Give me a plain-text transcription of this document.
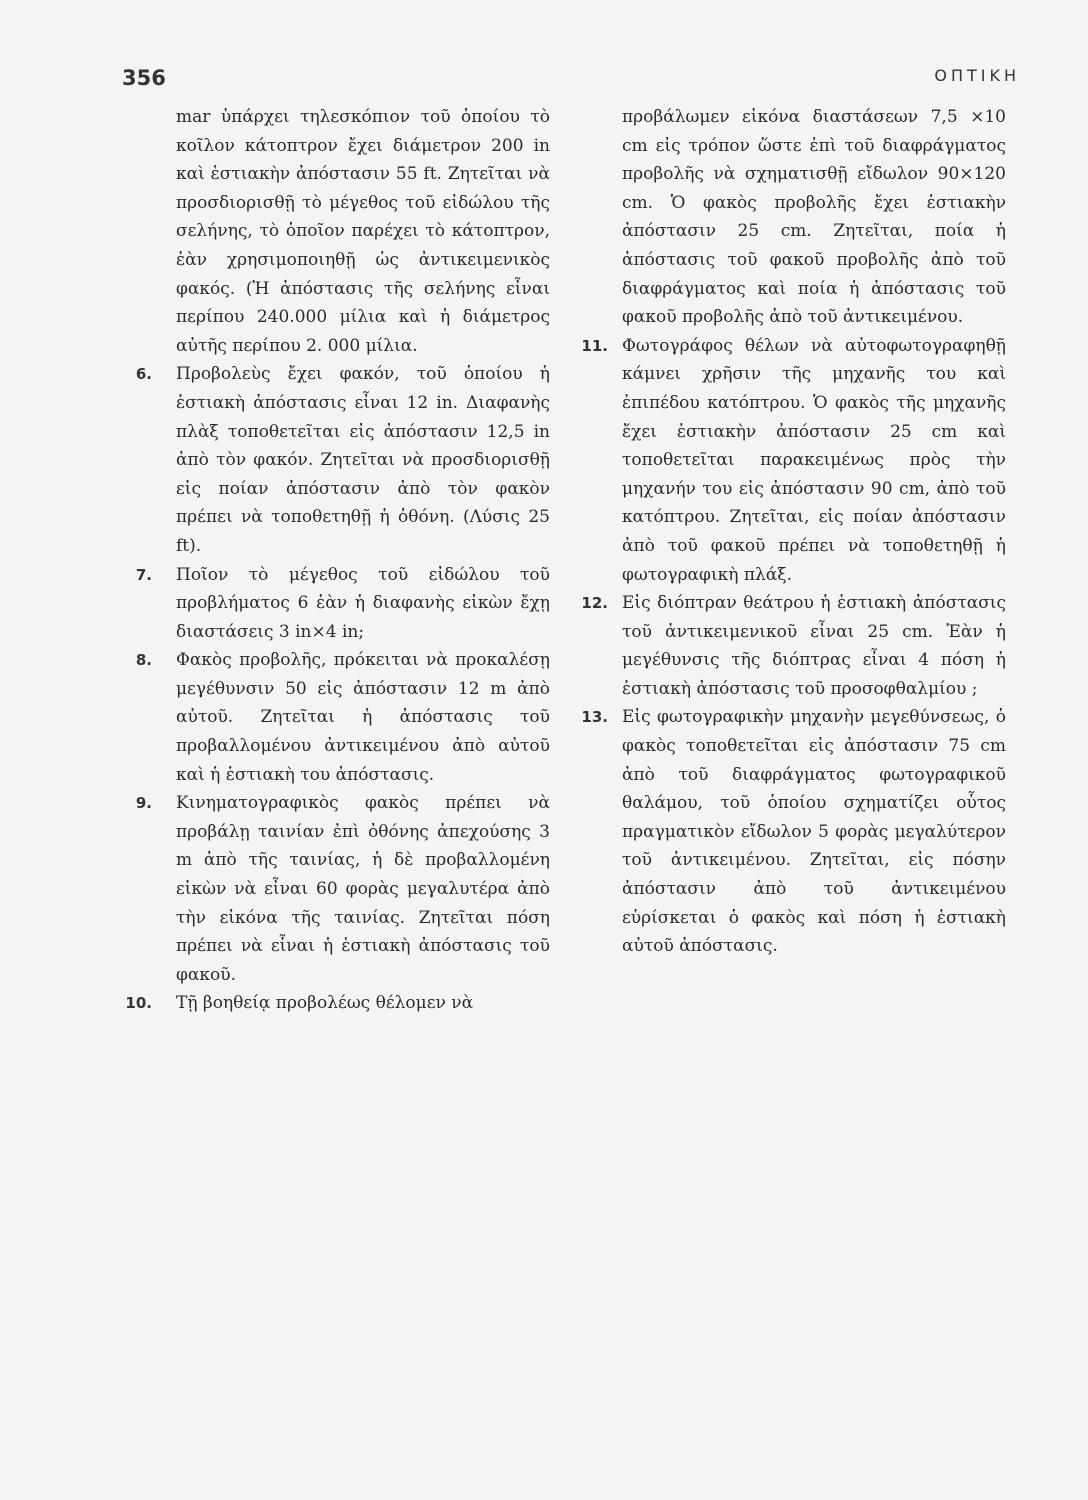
356	ΟΠΤΙΚΗ

mar ὑπάρχει τηλεσκόπιον τοῦ ὁποίου τὸ κοῖλον κάτοπτρον ἔχει διάμετρον 200 in καὶ ἑστιακὴν ἀπόστασιν 55 ft. Ζητεῖται νὰ προσδιορισθῇ τὸ μέγεθος τοῦ εἰδώλου τῆς σελήνης, τὸ ὁποῖον παρέχει τὸ κάτοπτρον, ἐὰν χρησιμοποιηθῇ ὡς ἀντικειμενικὸς φακός. (Ἡ ἀπόστασις τῆς σελήνης εἶναι περίπου 240.000 μίλια καὶ ἡ διάμετρος αὐτῆς περίπου 2. 000 μίλια.

6. Προβολεὺς ἔχει φακόν, τοῦ ὁποίου ἡ ἑστιακὴ ἀπόστασις εἶναι 12 in. Διαφανὴς πλὰξ τοποθετεῖται εἰς ἀπόστασιν 12,5 in ἀπὸ τὸν φακόν. Ζητεῖται νὰ προσδιορισθῇ εἰς ποίαν ἀπόστασιν ἀπὸ τὸν φακὸν πρέπει νὰ τοποθετηθῇ ἡ ὀθόνη. (Λύσις 25 ft).
7. Ποῖον τὸ μέγεθος τοῦ εἰδώλου τοῦ προβλήματος 6 ἐὰν ἡ διαφανὴς εἰκὼν ἔχῃ διαστάσεις 3 in×4 in;
8. Φακὸς προβολῆς, πρόκειται νὰ προκαλέσῃ μεγέθυνσιν 50 εἰς ἀπόστασιν 12 m ἀπὸ αὐτοῦ. Ζητεῖται ἡ ἀπόστασις τοῦ προβαλλομένου ἀντικειμένου ἀπὸ αὐτοῦ καὶ ἡ ἑστιακὴ του ἀπόστασις.
9. Κινηματογραφικὸς φακὸς πρέπει νὰ προβάλῃ ταινίαν ἐπὶ ὀθόνης ἀπεχούσης 3 m ἀπὸ τῆς ταινίας, ἡ δὲ προβαλλομένη εἰκὼν νὰ εἶναι 60 φορὰς μεγαλυτέρα ἀπὸ τὴν εἰκόνα τῆς ταινίας. Ζητεῖται πόση πρέπει νὰ εἶναι ἡ ἑστιακὴ ἀπόστασις τοῦ φακοῦ.
10. Τῇ βοηθείᾳ προβολέως θέλομεν νὰ

προβάλωμεν εἰκόνα διαστάσεων 7,5 ×10 cm εἰς τρόπον ὥστε ἐπὶ τοῦ διαφράγματος προβολῆς νὰ σχηματισθῇ εἴδωλον 90×120 cm. Ὁ φακὸς προβολῆς ἔχει ἑστιακὴν ἀπόστασιν 25 cm. Ζητεῖται, ποία ἡ ἀπόστασις τοῦ φακοῦ προβολῆς ἀπὸ τοῦ διαφράγματος καὶ ποία ἡ ἀπόστασις τοῦ φακοῦ προβολῆς ἀπὸ τοῦ ἀντικειμένου.

11. Φωτογράφος θέλων νὰ αὐτοφωτογραφηθῇ κάμνει χρῆσιν τῆς μηχανῆς του καὶ ἐπιπέδου κατόπτρου. Ὁ φακὸς τῆς μηχανῆς ἔχει ἑστιακὴν ἀπόστασιν 25 cm καὶ τοποθετεῖται παρακειμένως πρὸς τὴν μηχανήν του εἰς ἀπόστασιν 90 cm, ἀπὸ τοῦ κατόπτρου. Ζητεῖται, εἰς ποίαν ἀπόστασιν ἀπὸ τοῦ φακοῦ πρέπει νὰ τοποθετηθῇ ἡ φωτογραφικὴ πλάξ.
12. Εἰς διόπτραν θεάτρου ἡ ἑστιακὴ ἀπόστασις τοῦ ἀντικειμενικοῦ εἶναι 25 cm. Ἐὰν ἡ μεγέθυνσις τῆς διόπτρας εἶναι 4 πόση ἡ ἑστιακὴ ἀπόστασις τοῦ προσοφθαλμίου ;
13. Εἰς φωτογραφικὴν μηχανὴν μεγεθύνσεως, ὁ φακὸς τοποθετεῖται εἰς ἀπόστασιν 75 cm ἀπὸ τοῦ διαφράγματος φωτογραφικοῦ θαλάμου, τοῦ ὁποίου σχηματίζει οὗτος πραγματικὸν εἴδωλον 5 φορὰς μεγαλύτερον τοῦ ἀντικειμένου. Ζητεῖται, εἰς πόσην ἀπόστασιν ἀπὸ τοῦ ἀντικειμένου εὑρίσκεται ὁ φακὸς καὶ πόση ἡ ἑστιακὴ αὐτοῦ ἀπόστασις.
